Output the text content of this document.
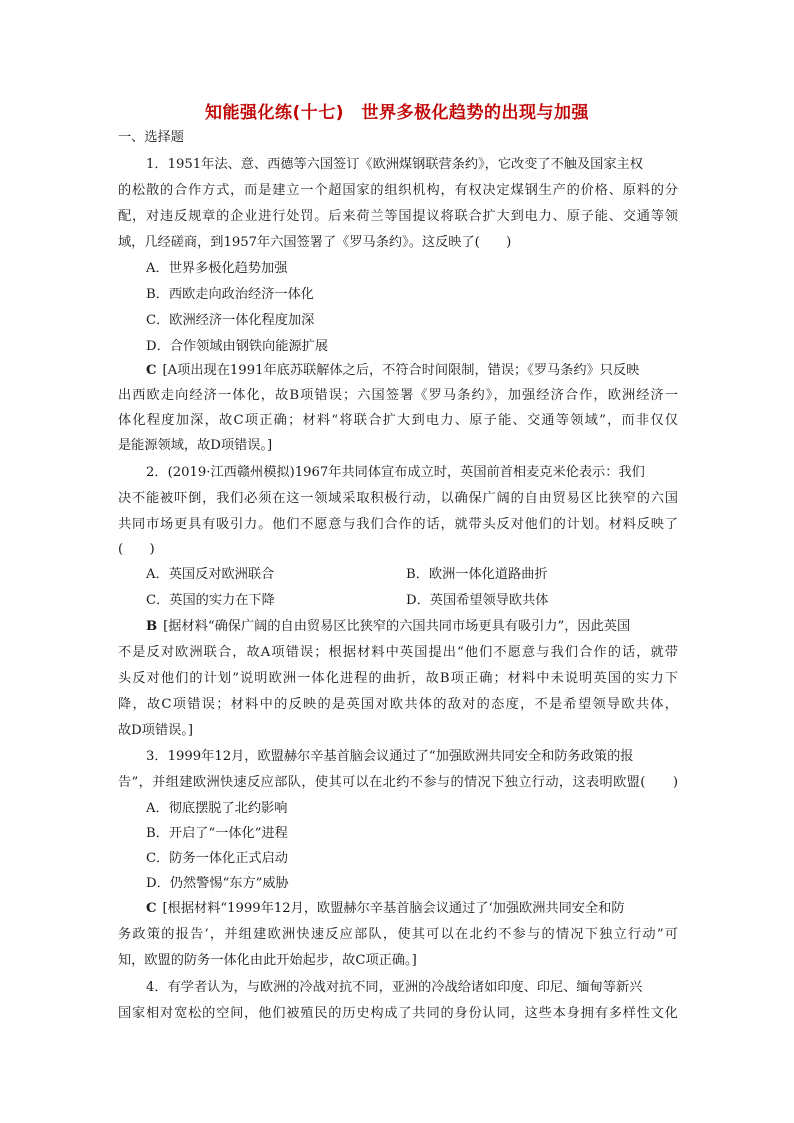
知能强化练(十七)　世界多极化趋势的出现与加强
一、选择题
1．1951年法、意、西德等六国签订《欧洲煤钢联营条约》，它改变了不触及国家主权
的松散的合作方式，而是建立一个超国家的组织机构，有权决定煤钢生产的价格、原料的分
配，对违反规章的企业进行处罚。后来荷兰等国提议将联合扩大到电力、原子能、交通等领
域，几经磋商，到1957年六国签署了《罗马条约》。这反映了(　　)
A．世界多极化趋势加强
B．西欧走向政治经济一体化
C．欧洲经济一体化程度加深
D．合作领域由钢铁向能源扩展
C [A项出现在1991年底苏联解体之后，不符合时间限制，错误；《罗马条约》只反映
出西欧走向经济一体化，故B项错误；六国签署《罗马条约》，加强经济合作，欧洲经济一
体化程度加深，故C项正确；材料“将联合扩大到电力、原子能、交通等领域”，而非仅仅
是能源领域，故D项错误。]
2．(2019·江西赣州模拟)1967年共同体宣布成立时，英国前首相麦克米伦表示：我们
决不能被吓倒，我们必须在这一领域采取积极行动，以确保广阔的自由贸易区比狭窄的六国
共同市场更具有吸引力。他们不愿意与我们合作的话，就带头反对他们的计划。材料反映了
(　　)
A．英国反对欧洲联合	B．欧洲一体化道路曲折
C．英国的实力在下降	D．英国希望领导欧共体
B [据材料“确保广阔的自由贸易区比狭窄的六国共同市场更具有吸引力”，因此英国
不是反对欧洲联合，故A项错误；根据材料中英国提出“他们不愿意与我们合作的话，就带
头反对他们的计划”说明欧洲一体化进程的曲折，故B项正确；材料中未说明英国的实力下
降，故C项错误；材料中的反映的是英国对欧共体的敌对的态度，不是希望领导欧共体，
故D项错误。]
3．1999年12月，欧盟赫尔辛基首脑会议通过了“加强欧洲共同安全和防务政策的报
告”，并组建欧洲快速反应部队，使其可以在北约不参与的情况下独立行动，这表明欧盟(　　)
A．彻底摆脱了北约影响
B．开启了“一体化”进程
C．防务一体化正式启动
D．仍然警惕“东方”威胁
C [根据材料“1999年12月，欧盟赫尔辛基首脑会议通过了‘加强欧洲共同安全和防
务政策的报告’，并组建欧洲快速反应部队，使其可以在北约不参与的情况下独立行动”可
知，欧盟的防务一体化由此开始起步，故C项正确。]
4．有学者认为，与欧洲的冷战对抗不同，亚洲的冷战给诸如印度、印尼、缅甸等新兴
国家相对宽松的空间，他们被殖民的历史构成了共同的身份认同，这些本身拥有多样性文化
